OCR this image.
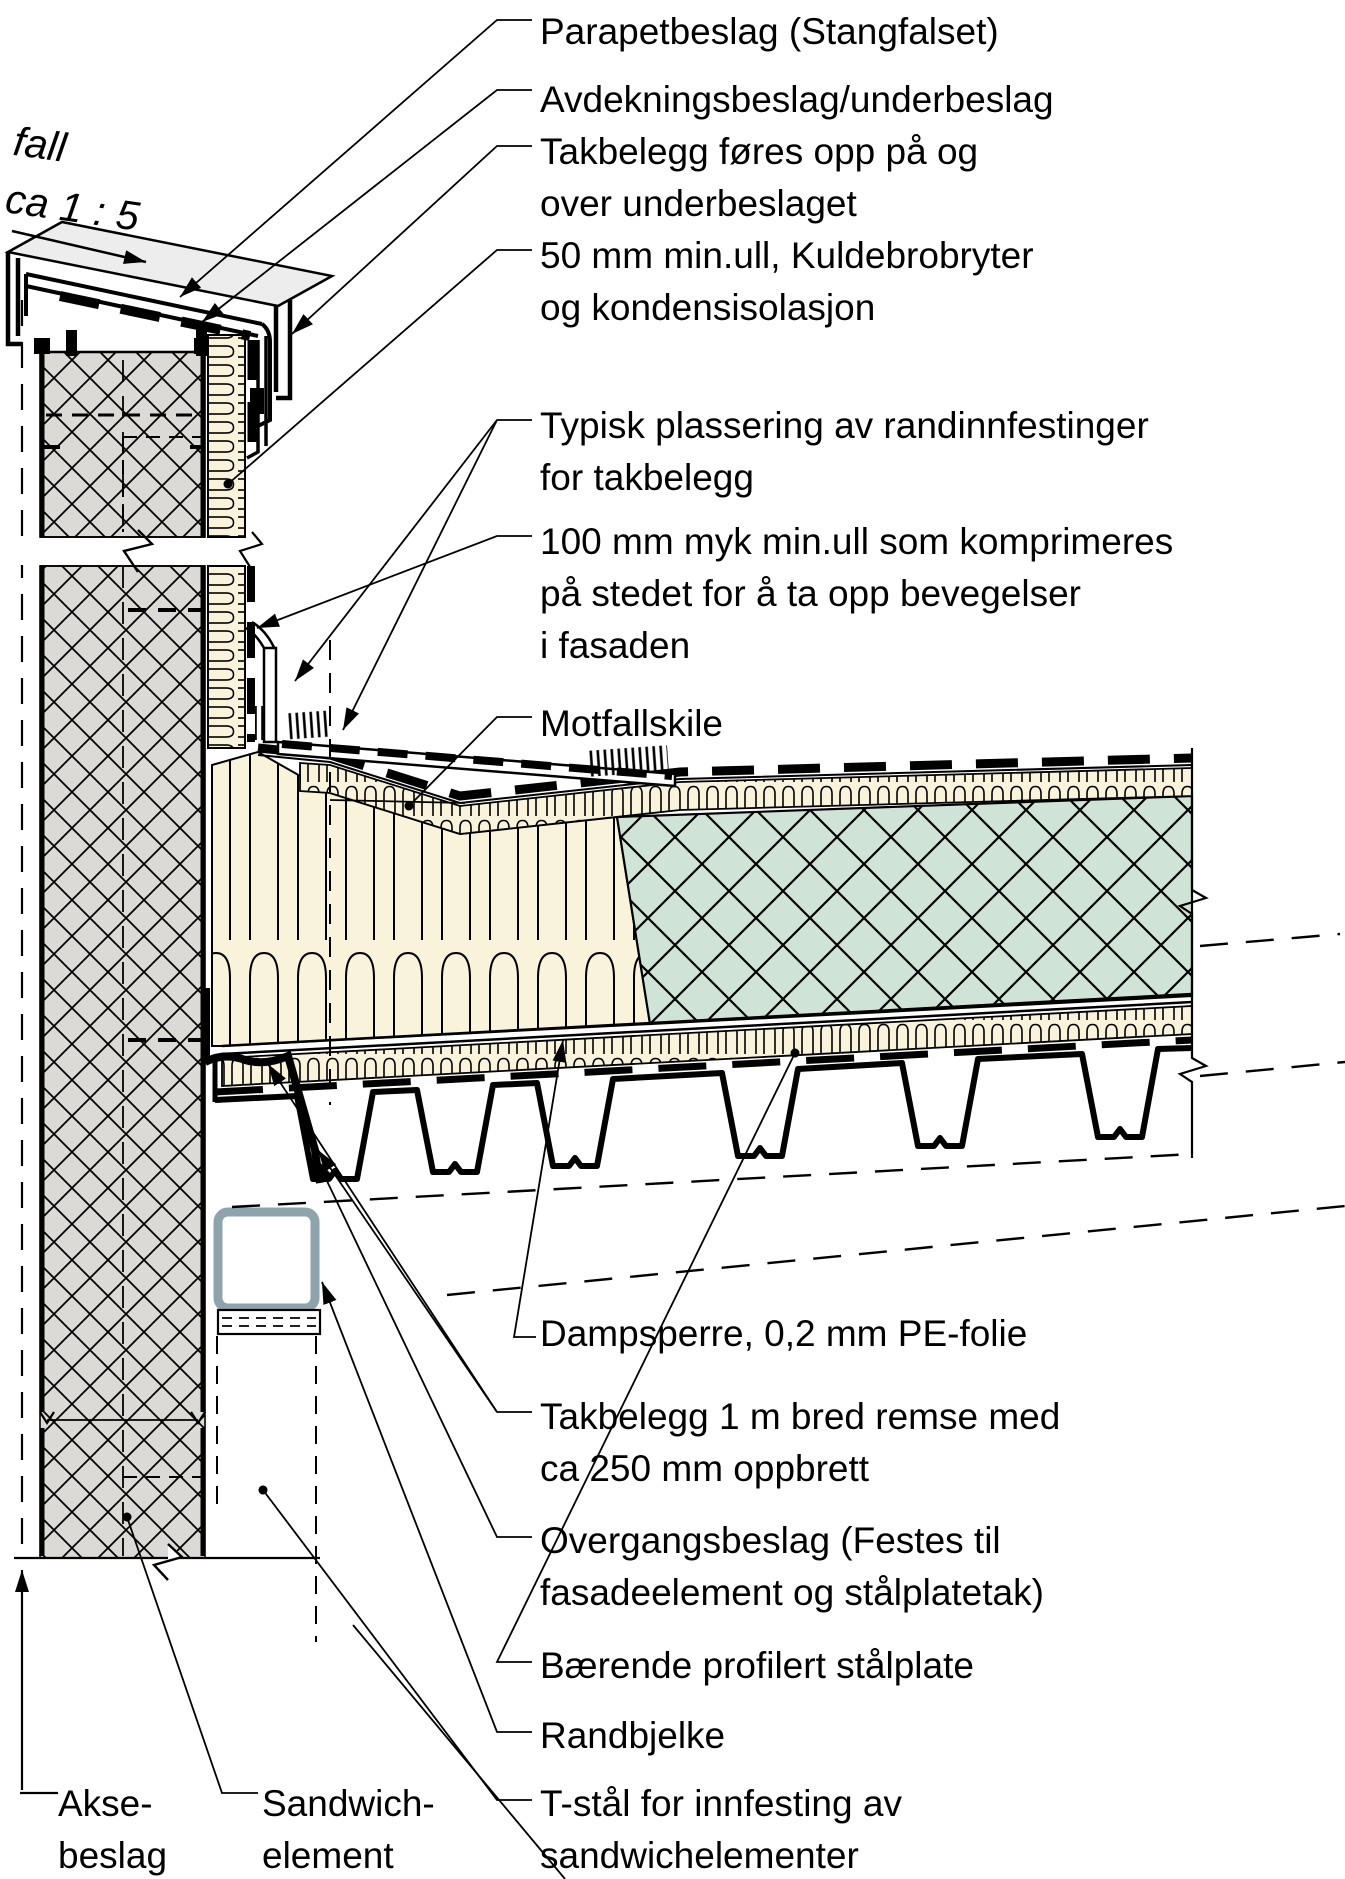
Parapetbeslag (Stangfalset)
Avdekningsbeslag/underbeslag
Takbelegg føres opp på og
over underbeslaget
50 mm min.ull, Kuldebrobryter
og kondensisolasjon
Typisk plassering av randinnfestinger
for takbelegg
100 mm myk min.ull som komprimeres
på stedet for å ta opp bevegelser
i fasaden
Motfallskile
Dampsperre, 0,2 mm PE-folie
Takbelegg 1 m bred remse med
ca 250 mm oppbrett
Overgangsbeslag (Festes til
fasadeelement og stålplatetak)
Bærende profilert stålplate
Randbjelke
T-stål for innfesting av
sandwichelementer
Akse-
beslag
Sandwich-
element
fall
ca 1 : 5
